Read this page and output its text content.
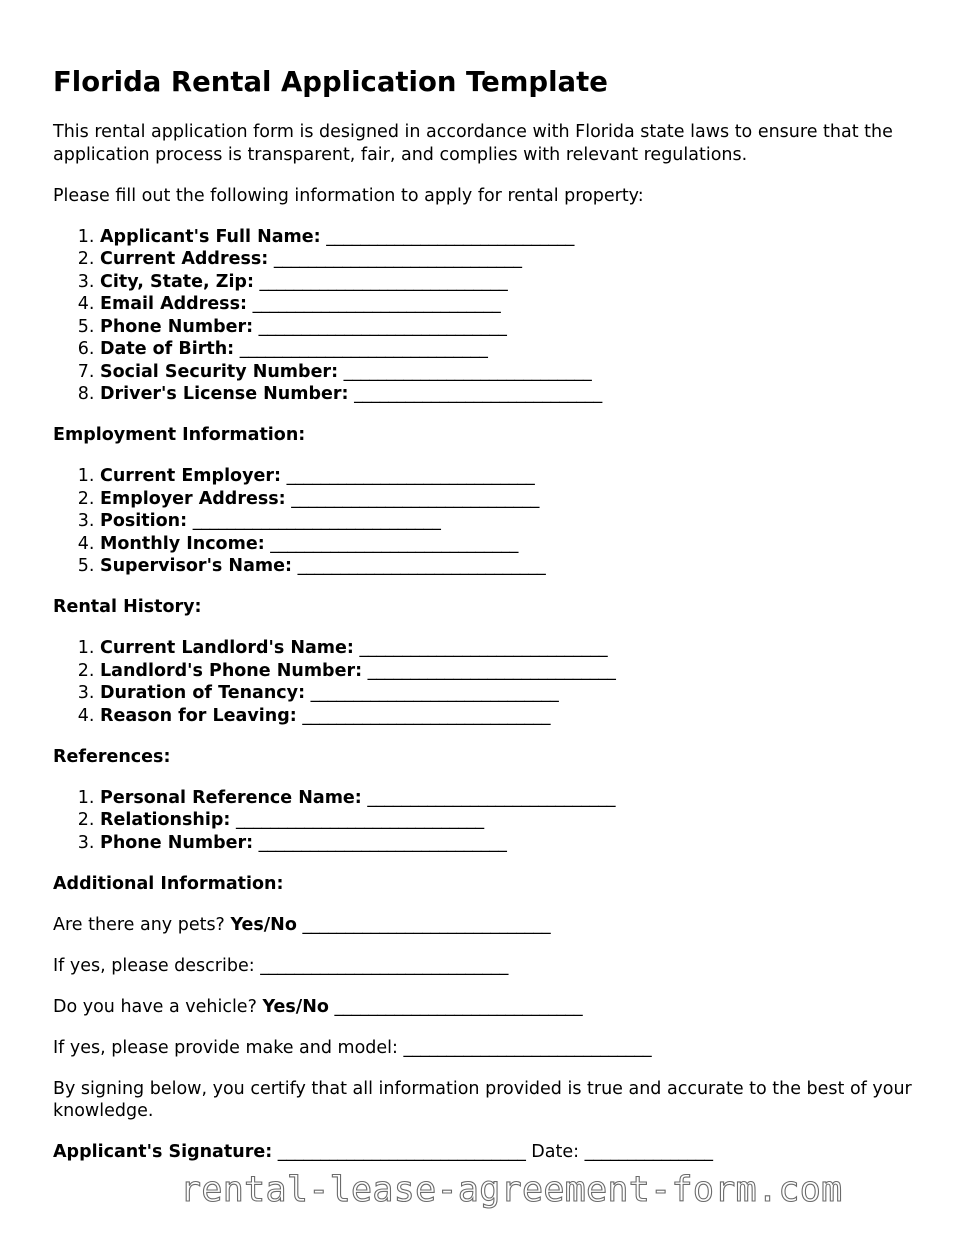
Florida Rental Application Template

This rental application form is designed in accordance with Florida state laws to ensure that the application process is transparent, fair, and complies with relevant regulations.

Please fill out the following information to apply for rental property:

1. Applicant's Full Name: _____________________________
2. Current Address: _____________________________
3. City, State, Zip: _____________________________
4. Email Address: _____________________________
5. Phone Number: _____________________________
6. Date of Birth: _____________________________
7. Social Security Number: _____________________________
8. Driver's License Number: _____________________________
Employment Information:
1. Current Employer: _____________________________
2. Employer Address: _____________________________
3. Position: _____________________________
4. Monthly Income: _____________________________
5. Supervisor's Name: _____________________________
Rental History:
1. Current Landlord's Name: _____________________________
2. Landlord's Phone Number: _____________________________
3. Duration of Tenancy: _____________________________
4. Reason for Leaving: _____________________________
References:
1. Personal Reference Name: _____________________________
2. Relationship: _____________________________
3. Phone Number: _____________________________
Additional Information:

Are there any pets? Yes/No _____________________________

If yes, please describe: _____________________________

Do you have a vehicle? Yes/No _____________________________

If yes, please provide make and model: _____________________________

By signing below, you certify that all information provided is true and accurate to the best of your knowledge.

Applicant's Signature: _____________________________ Date: _______________

rental-lease-agreement-form.com
